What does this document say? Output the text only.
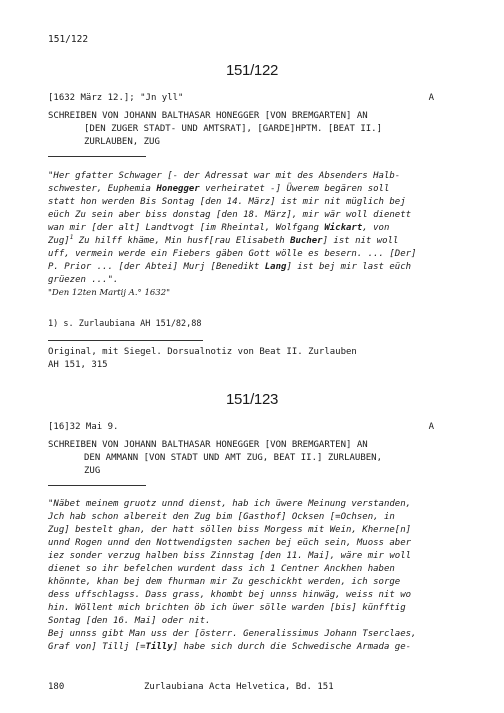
151/122
151/122
[1632 März 12.]; "Jn yll"	A
SCHREIBEN VON JOHANN BALTHASAR HONEGGER [VON BREMGARTEN] AN
[DEN ZUGER STADT- UND AMTSRAT], [GARDE]HPTM. [BEAT II.]
ZURLAUBEN, ZUG
"Her gfatter Schwager [- der Adressat war mit des Absenders Halb-
schwester, Euphemia Honegger verheiratet -] Üwerem begären soll
statt hon werden Bis Sontag [den 14. März] ist mir nit müglich bej
eüch Zu sein aber biss donstag [den 18. März], mir wär woll dienett
wan mir [der alt] Landtvogt [im Rheintal, Wolfgang Wickart, von
Zug]$^1$ Zu hilff khäme, Min husf[rau Elisabeth Bucher] ist nit woll
uff, vermein werde ein Fiebers gäben Gott wölle es besern. ... [Der]
P. Prior ... [der Abtei] Murj [Benedikt Lang] ist bej mir last eüch
grüezen ...".
"Den 12ten Martij A.° 1632"
1) s. Zurlaubiana AH 151/82,88
Original, mit Siegel. Dorsualnotiz von Beat II. Zurlauben
AH 151, 315
151/123
[16]32 Mai 9.	A
SCHREIBEN VON JOHANN BALTHASAR HONEGGER [VON BREMGARTEN] AN
DEN AMMANN [VON STADT UND AMT ZUG, BEAT II.] ZURLAUBEN,
ZUG
"Näbet meinem gruotz unnd dienst, hab ich üwere Meinung verstanden,
Jch hab schon albereit den Zug bim [Gasthof] Ocksen [=Ochsen, in
Zug] bestelt ghan, der hatt söllen biss Morgess mit Wein, Kherne[n]
unnd Rogen unnd den Nottwendigsten sachen bej eüch sein, Muoss aber
iez sonder verzug halben biss Zinnstag [den 11. Mai], wäre mir woll
dienet so ihr befelchen wurdent dass ich 1 Centner Anckhen haben
khönnte, khan bej dem fhurman mir Zu geschickht werden, ich sorge
dess uffschlagss. Dass grass, khombt bej unnss hinwäg, weiss nit wo
hin. Wöllent mich brichten öb ich üwer sölle warden [bis] künfftig
Sontag [den 16. Mai] oder nit.
Bej unnss gibt Man uss der [österr. Generalissimus Johann Tserclaes,
Graf von] Tillj [=Tilly] habe sich durch die Schwedische Armada ge-
180	Zurlaubiana Acta Helvetica, Bd. 151
